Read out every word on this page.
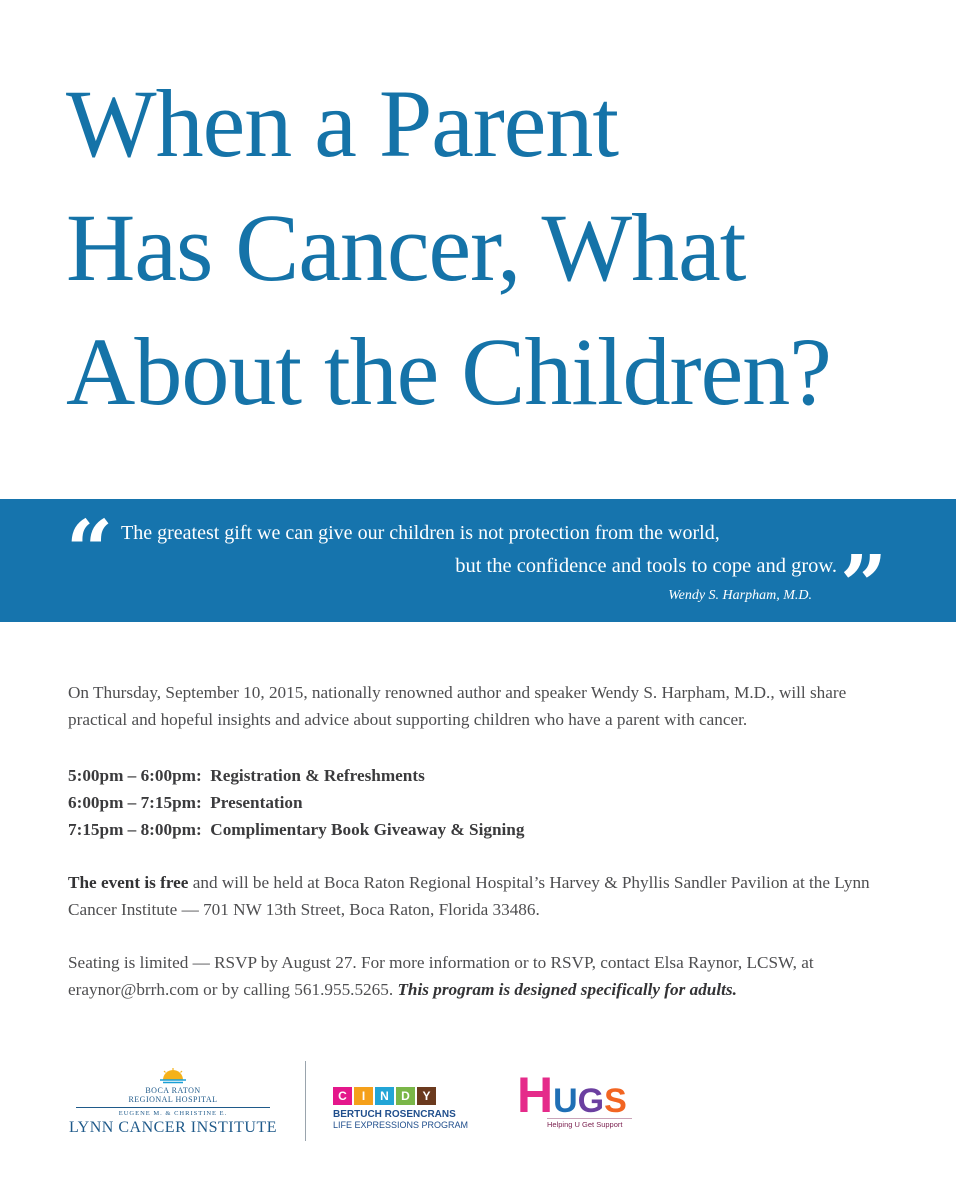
When a Parent
Has Cancer, What
About the Children?
“ The greatest gift we can give our children is not protection from the world,
but the confidence and tools to cope and grow. ”
Wendy S. Harpham, M.D.

On Thursday, September 10, 2015, nationally renowned author and speaker Wendy S. Harpham, M.D., will share practical and hopeful insights and advice about supporting children who have a parent with cancer.

5:00pm – 6:00pm: Registration & Refreshments
6:00pm – 7:15pm: Presentation
7:15pm – 8:00pm: Complimentary Book Giveaway & Signing

The event is free and will be held at Boca Raton Regional Hospital’s Harvey & Phyllis Sandler Pavilion at the Lynn Cancer Institute — 701 NW 13th Street, Boca Raton, Florida 33486.

Seating is limited — RSVP by August 27. For more information or to RSVP, contact Elsa Raynor, LCSW, at eraynor@brrh.com or by calling 561.955.5265. This program is designed specifically for adults.

BOCA RATON
REGIONAL HOSPITAL
EUGENE M. & CHRISTINE E.
LYNN CANCER INSTITUTE
C	I	N	D	Y
BERTUCH ROSENCRANS
LIFE EXPRESSIONS PROGRAM
HUGS
Helping U Get Support
